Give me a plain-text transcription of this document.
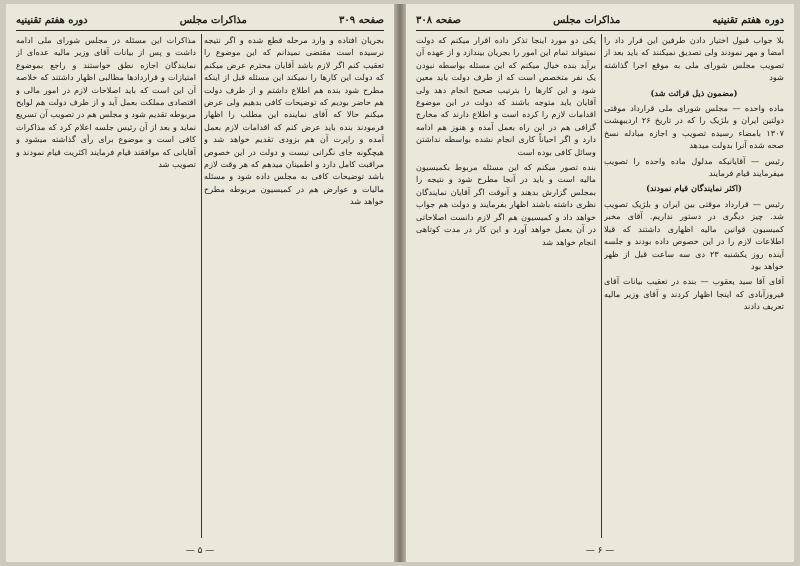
صفحه ۳۰۹
مذاکرات مجلس
دوره هفتم تقنینیه

بجریان افتاده و وارد مرحله قطع شده و اگر نتیجه نرسیده است مقتضی نمیدانم که این موضوع را تعقیب کنم اگر لازم باشد آقایان محترم عرض میکنم که دولت این کارها را نمیکند این مسئله قبل از اینکه مطرح شود بنده هم اطلاع داشتم و از طرف دولت هم حاضر بودیم که توضیحات کافی بدهیم ولی عرض میکنم حالا که آقای نماینده این مطلب را اظهار فرمودند بنده باید عرض کنم که اقدامات لازم بعمل آمده و راپرت آن هم بزودی تقدیم خواهد شد و هیچگونه جای نگرانی نیست و دولت در این خصوص مراقبت کامل دارد و اطمینان میدهم که هر وقت لازم باشد توضیحات کافی به مجلس داده شود و مسئله مالیات و عوارض هم در کمیسیون مربوطه مطرح خواهد شد

مذاکرات این مسئله در مجلس شورای ملی ادامه داشت و پس از بیانات آقای وزیر مالیه عده‌ای از نمایندگان اجازه نطق خواستند و راجع بموضوع امتیازات و قراردادها مطالبی اظهار داشتند که خلاصه آن این است که باید اصلاحات لازم در امور مالی و اقتصادی مملکت بعمل آید و از طرف دولت هم لوایح مربوطه تقدیم شود و مجلس هم در تصویب آن تسریع نماید و بعد از آن رئیس جلسه اعلام کرد که مذاکرات کافی است و موضوع برای رأی گذاشته میشود و آقایانی که موافقند قیام فرمایند اکثریت قیام نمودند و تصویب شد

— ۵ —
دوره هفتم تقنینیه
مذاکرات مجلس
صفحه ۳۰۸

بلا جواب قبول اختیار دادن طرفین این قرار داد را امضا و مهر نمودند ولی تصدیق نمیکنند که باید بعد از تصویب مجلس شورای ملی به موقع اجرا گذاشته شود

(مضمون ذیل قرائت شد)

ماده واحده — مجلس شورای ملی قرارداد موقتی دولتین ایران و بلژیک را که در تاریخ ۲۶ اردیبهشت ۱۳۰۷ بامضاء رسیده تصویب و اجازه مبادله نسخ صحه شده آنرا بدولت میدهد

رئیس — آقایانیکه مدلول ماده واحده را تصویب میفرمایند قیام فرمایند

(اکثر نمایندگان قیام نمودند)

رئیس — قرارداد موقتی بین ایران و بلژیک تصویب شد. چیز دیگری در دستور نداریم. آقای مخبر کمیسیون قوانین مالیه اظهاری داشتند که قبلا اطلاعات لازم را در این خصوص داده بودند و جلسه آینده روز یکشنبه ۲۳ دی سه ساعت قبل از ظهر خواهد بود

آقای آقا سید یعقوب — بنده در تعقیب بیانات آقای فیروزآبادی که اینجا اظهار کردند و آقای وزیر مالیه تعریف دادند

یکی دو مورد اینجا تذکر داده اقرار میکنم که دولت نمیتواند تمام این امور را بجریان بیندازد و از عهده آن برآید بنده خیال میکنم که این مسئله بواسطه نبودن یک نفر متخصص است که از طرف دولت باید معین شود و این کارها را بترتیب صحیح انجام دهد ولی آقایان باید متوجه باشند که دولت در این موضوع اقدامات لازم را کرده است و اطلاع دارند که مخارج گزافی هم در این راه بعمل آمده و هنوز هم ادامه دارد و اگر احیاناً کاری انجام نشده بواسطه نداشتن وسائل کافی بوده است

بنده تصور میکنم که این مسئله مربوط بکمیسیون مالیه است و باید در آنجا مطرح شود و نتیجه را بمجلس گزارش بدهند و آنوقت اگر آقایان نمایندگان نظری داشته باشند اظهار بفرمایند و دولت هم جواب خواهد داد و کمیسیون هم اگر لازم دانست اصلاحاتی در آن بعمل خواهد آورد و این کار در مدت کوتاهی انجام خواهد شد

— ۶ —
